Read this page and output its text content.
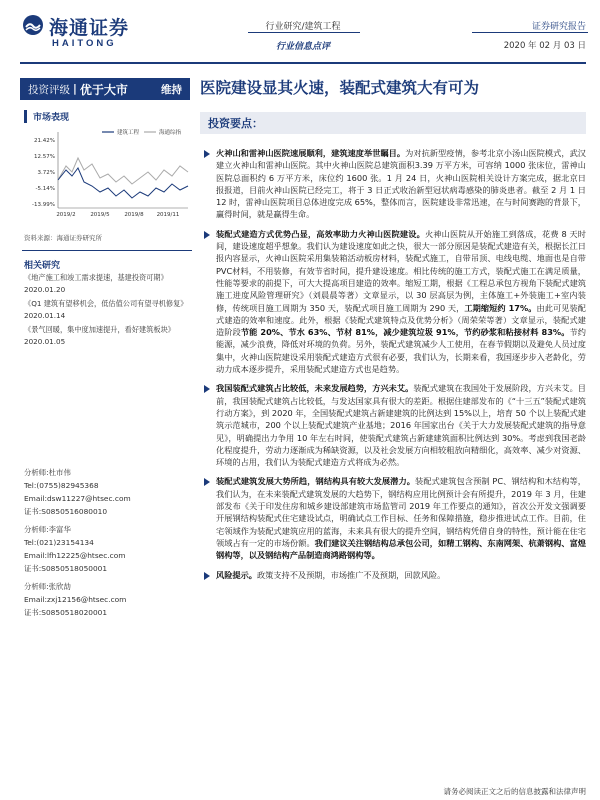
海通证券
HAITONG
行业研究/建筑工程
行业信息点评
证券研究报告
2020 年 02 月 03 日
投资评级 | 优于大市	维持 医院建设显其火速，装配式建筑大有可为
市场表现
21.42%
12.57%
3.72%
-5.14%
-13.99%
2019/2	2019/5	2019/8 2019/11
建筑工程	海通综指
资料来源：海通证券研究所
相关研究
《地产施工和竣工需求提速，基建投资可期》
2020.01.20
《Q1 建筑有望移机会，低估值公司有望寻机修复》
2020.01.14
《景气回暖，集中度加速提升，看好建筑板块》
2020.01.05
分析师:杜市伟
Tel:(0755)82945368
Email:dsw11227@htsec.com
证书:S0850516080010
分析师:李富华
Tel:(021)23154134
Email:lfh12225@htsec.com
证书:S0850518050001
分析师:张欣劼
Email:zxj12156@htsec.com
证书:S0850518020001
投资要点：
火神山和雷神山医院速展顺利，建筑速度举世瞩目。为对抗新型疫情，参考北京小汤山医院模式，武汉建立火神山和雷神山医院。其中火神山医院总建筑面积3.39 万平方米，可容纳 1000 张床位，雷神山医院总面积约 6 万平方米，床位约 1600 张。1 月 24 日，火神山医院相关设计方案完成，据北京日报报道，目前火神山医院已经完工，将于 3 日正式收治新型冠状病毒感染的肺炎患者。截至 2 月 1 日 12 时，雷神山医院项目总体进度完成 65%，整体而言，医院建设非常迅速，在与时间赛跑的背景下，赢得时间，就是赢得生命。
装配式建造方式优势凸显，高效率助力火神山医院建设。火神山医院从开始施工到落成，花费 8 天时间，建设速度超乎想象。我们认为建设速度如此之快，很大一部分原因是装配式建造有关，根据长江日报内容显示，火神山医院采用集装箱活动板房材料，装配式施工，自带吊顶、电线电缆、地面也是自带 PVC材料，不用装修，有效节省时间，提升建设速度。相比传统的施工方式，装配式施工在满足质量，性能等要求的前提下，可大大提高项目建造的效率。缩短工期，根据《工程总承包方视角下装配式建筑施工进度风险管理研究》（刘晨晨等著）文章显示，以 30 层高层为例，主体施工+外装施工+室内装修，传统项目施工周期为 350 天，装配式项目施工周期为 290 天，工期缩短约 17%。由此可见装配式建造的效率和速度。此外，根据《装配式建筑特点及优势分析》（周荣荣等著）文章显示，装配式建造阶段节能 20%、节水 63%、节材 81%，减少建筑垃圾 91%，节约砂浆和粘接材料 83%。节约能源，减少浪费，降低对环境的负荷。另外，装配式建筑减少人工使用，在春节假期以及避免人员过度集中，火神山医院建设采用装配式建造方式很有必要，我们认为，长期来看，我国逐步步入老龄化，劳动力成本逐步提升，采用装配式建造方式也是趋势。
我国装配式建筑占比较低，未来发展趋势，方兴未艾。装配式建筑在我国处于发展阶段，方兴未艾。目前，我国装配式建筑占比较低，与发达国家具有很大的差距。根据住建部发布的《“十三五”装配式建筑行动方案》，到 2020 年，全国装配式建筑占新建建筑的比例达到 15%以上，培育 50 个以上装配式建筑示范城市，200 个以上装配式建筑产业基地；2016 年国家出台《关于大力发展装配式建筑的指导意见》，明确提出力争用 10 年左右时间，使装配式建筑占新建建筑面积比例达到 30%。考虑到我国老龄化程度提升，劳动力逐渐成为稀缺资源，以及社会发展方向相较粗放向精细化，高效率、减少对资源、环境的占用，我们认为装配式建造方式将成为必然。
装配式建筑发展大势所趋，钢结构具有较大发展潜力。装配式建筑包含预制 PC、钢结构和木结构等，我们认为，在未来装配式建筑发展的大趋势下，钢结构应用比例预计会有所提升，2019 年 3 月，住建部发布《关于印发住房和城乡建设部建筑市场监管司 2019 年工作要点的通知》，首次公开发文强调要开展钢结构装配式住宅建设试点，明确试点工作目标、任务和保障措施，稳步推进试点工作。目前，住宅领域作为装配式建筑应用的蓝海，未来具有很大的提升空间，钢结构凭借自身的特性，预计能在住宅领域占有一定的市场份额。我们建议关注钢结构总承包公司，如精工钢构、东南网架、杭萧钢构、富煌钢构等，以及钢结构产品制造商鸿路钢构等。
风险提示。政策支持不及预期，市场推广不及预期，回款风险。
请务必阅读正文之后的信息披露和法律声明
